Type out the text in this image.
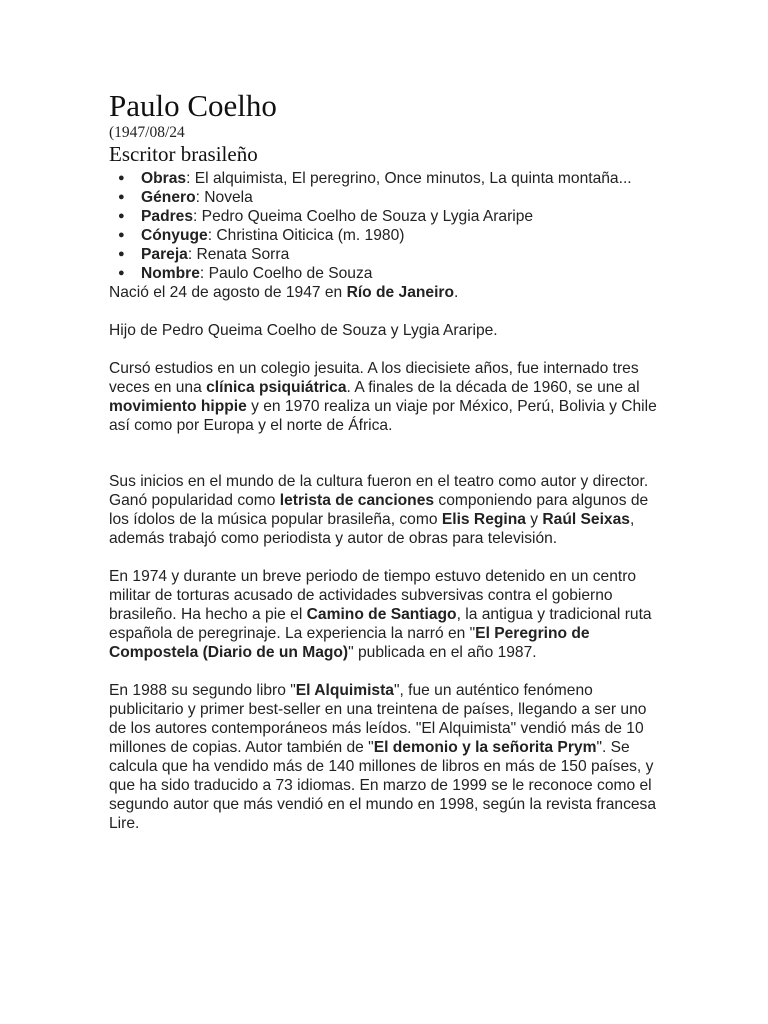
Paulo Coelho

(1947/08/24

Escritor brasileño
● Obras: El alquimista, El peregrino, Once minutos, La quinta montaña...
● Género: Novela
● Padres: Pedro Queima Coelho de Souza y Lygia Araripe
● Cónyuge: Christina Oiticica (m. 1980)
● Pareja: Renata Sorra
● Nombre: Paulo Coelho de Souza

Nació el 24 de agosto de 1947 en Río de Janeiro.

Hijo de Pedro Queima Coelho de Souza y Lygia Araripe.

Cursó estudios en un colegio jesuita. A los diecisiete años, fue internado tres veces en una clínica psiquiátrica. A finales de la década de 1960, se une al movimiento hippie y en 1970 realiza un viaje por México, Perú, Bolivia y Chile así como por Europa y el norte de África.

Sus inicios en el mundo de la cultura fueron en el teatro como autor y director. Ganó popularidad como letrista de canciones componiendo para algunos de los ídolos de la música popular brasileña, como Elis Regina y Raúl Seixas, además trabajó como periodista y autor de obras para televisión.

En 1974 y durante un breve periodo de tiempo estuvo detenido en un centro militar de torturas acusado de actividades subversivas contra el gobierno brasileño. Ha hecho a pie el Camino de Santiago, la antigua y tradicional ruta española de peregrinaje. La experiencia la narró en "El Peregrino de Compostela (Diario de un Mago)" publicada en el año 1987.

En 1988 su segundo libro "El Alquimista", fue un auténtico fenómeno publicitario y primer best-seller en una treintena de países, llegando a ser uno de los autores contemporáneos más leídos. "El Alquimista" vendió más de 10 millones de copias. Autor también de "El demonio y la señorita Prym". Se calcula que ha vendido más de 140 millones de libros en más de 150 países, y que ha sido traducido a 73 idiomas. En marzo de 1999 se le reconoce como el segundo autor que más vendió en el mundo en 1998, según la revista francesa Lire.
